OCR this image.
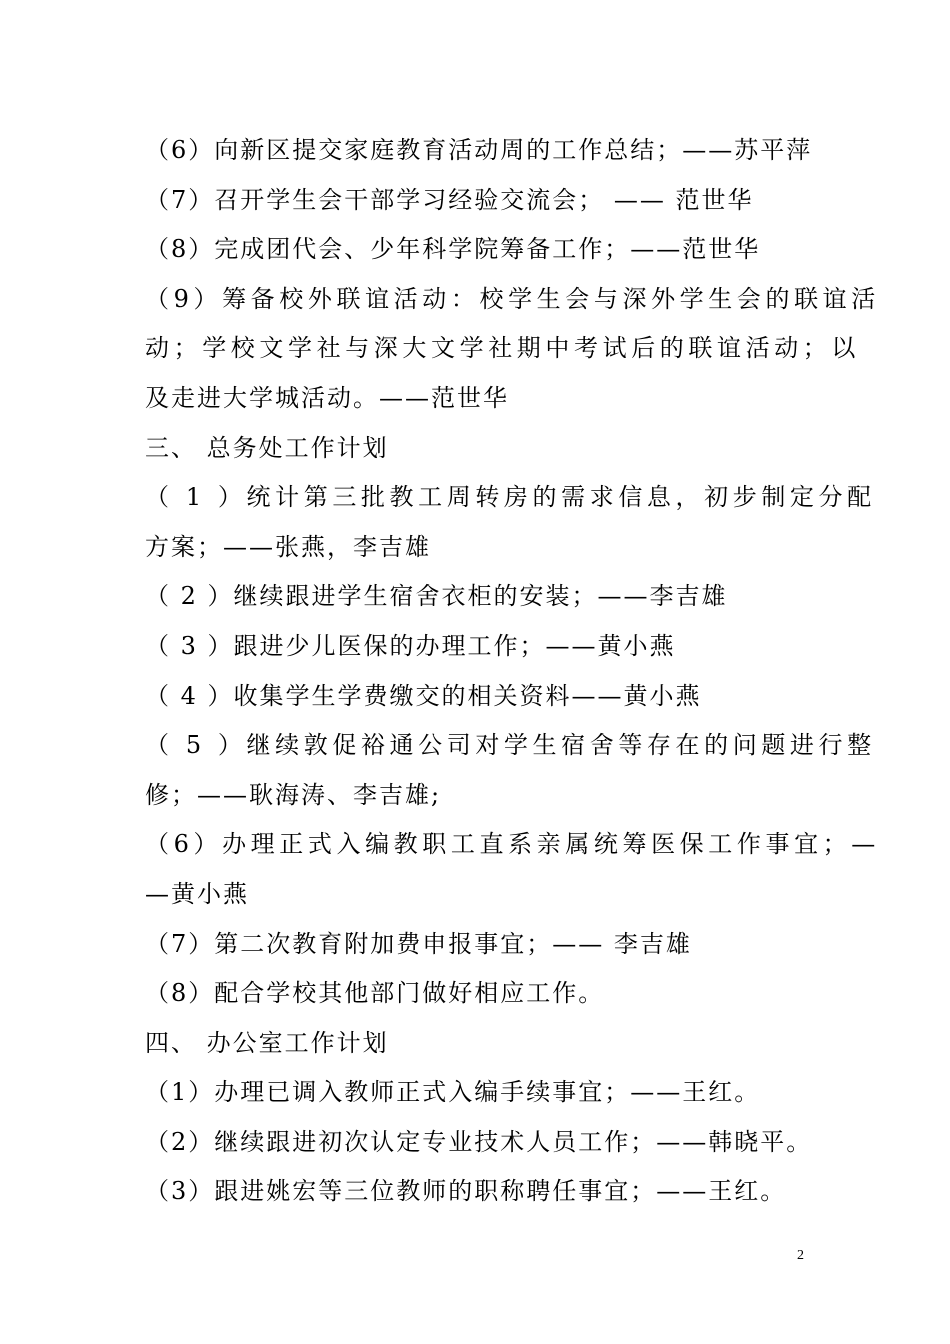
（6）向新区提交家庭教育活动周的工作总结；——苏平萍
（7）召开学生会干部学习经验交流会； —— 范世华
（8）完成团代会、少年科学院筹备工作；——范世华
（9）筹备校外联谊活动：校学生会与深外学生会的联谊活
动；学校文学社与深大文学社期中考试后的联谊活动；以
及走进大学城活动。——范世华
三、 总务处工作计划
（ 1 ）统计第三批教工周转房的需求信息，初步制定分配
方案；——张燕，李吉雄
（ 2 ）继续跟进学生宿舍衣柜的安装；——李吉雄
（ 3 ）跟进少儿医保的办理工作；——黄小燕
（ 4 ）收集学生学费缴交的相关资料——黄小燕
（ 5 ）继续敦促裕通公司对学生宿舍等存在的问题进行整
修；——耿海涛、李吉雄;
（6）办理正式入编教职工直系亲属统筹医保工作事宜；—
—黄小燕
（7）第二次教育附加费申报事宜；—— 李吉雄
（8）配合学校其他部门做好相应工作。
四、 办公室工作计划
（1）办理已调入教师正式入编手续事宜；——王红。
（2）继续跟进初次认定专业技术人员工作；——韩晓平。
（3）跟进姚宏等三位教师的职称聘任事宜；——王红。
2
